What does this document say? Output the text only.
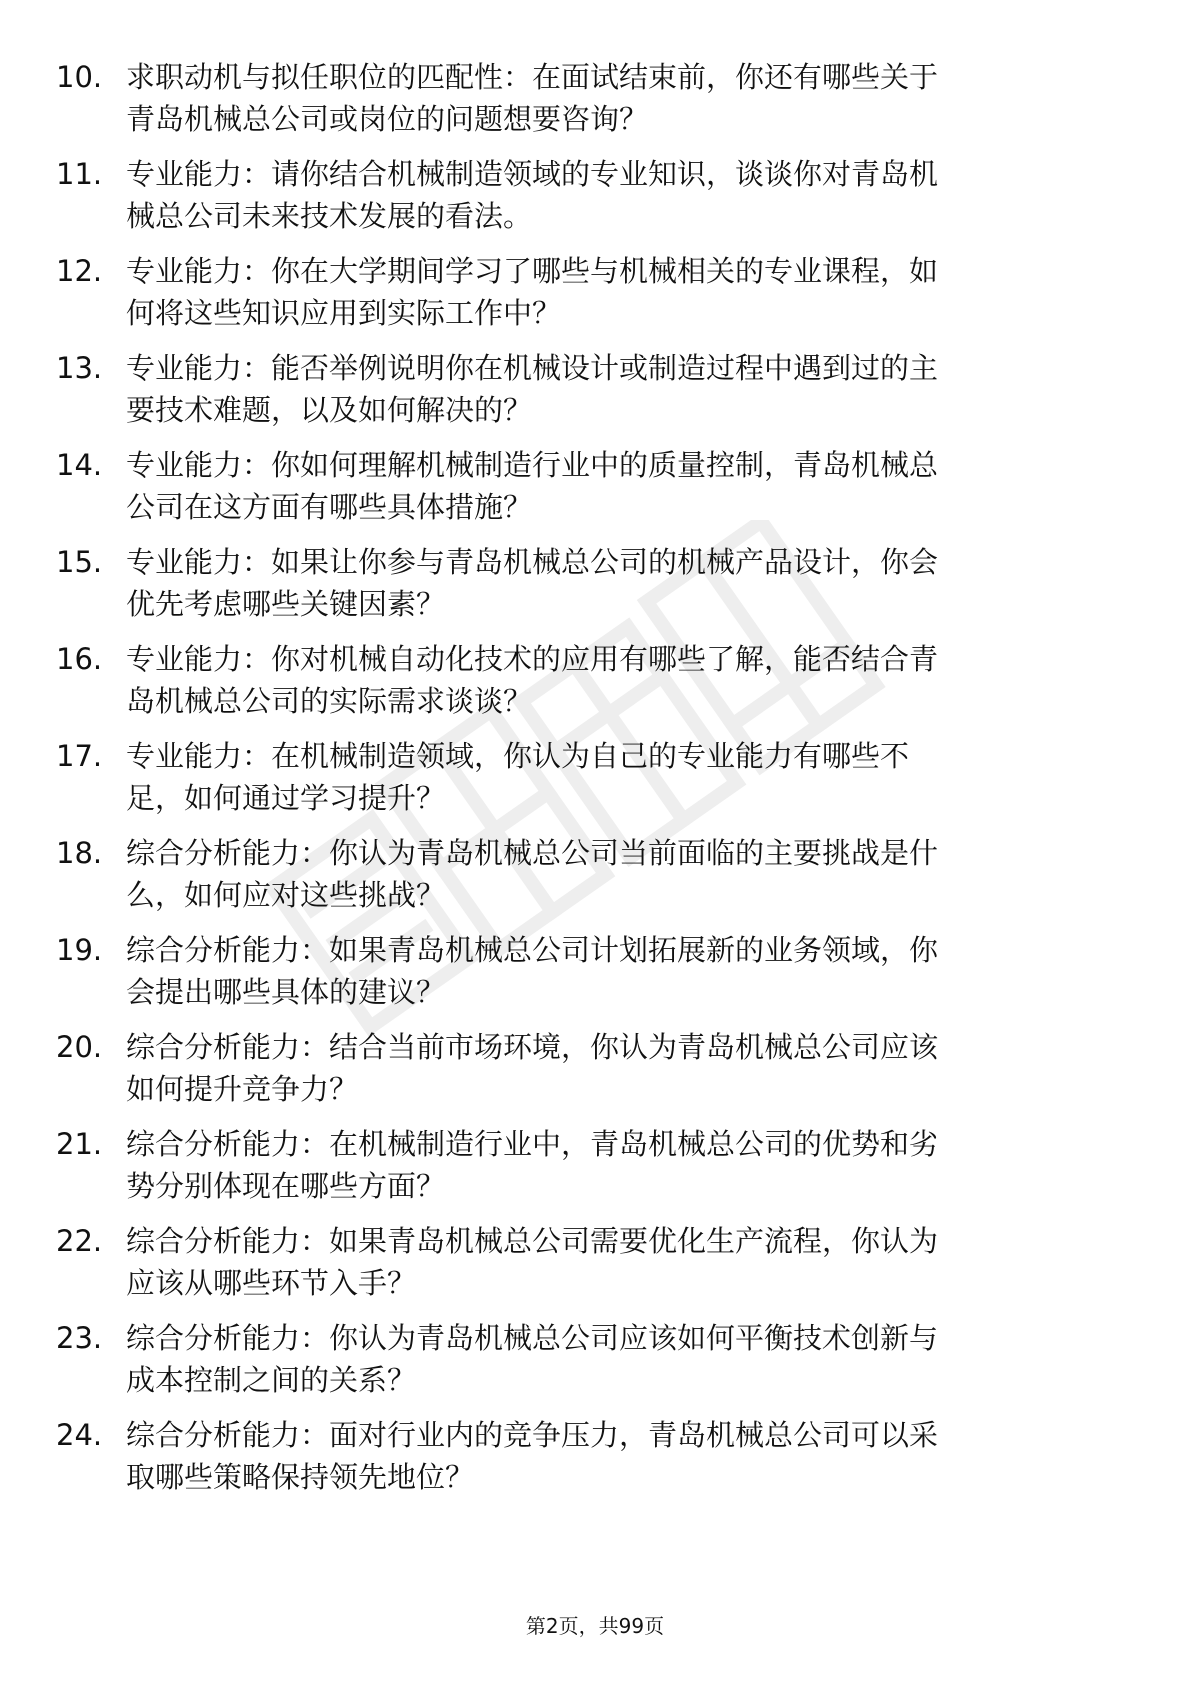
10. 求职动机与拟任职位的匹配性：在面试结束前，你还有哪些关于
青岛机械总公司或岗位的问题想要咨询？
11. 专业能力：请你结合机械制造领域的专业知识，谈谈你对青岛机
械总公司未来技术发展的看法。
12. 专业能力：你在大学期间学习了哪些与机械相关的专业课程，如
何将这些知识应用到实际工作中？
13. 专业能力：能否举例说明你在机械设计或制造过程中遇到过的主
要技术难题，以及如何解决的？
14. 专业能力：你如何理解机械制造行业中的质量控制，青岛机械总
公司在这方面有哪些具体措施？
15. 专业能力：如果让你参与青岛机械总公司的机械产品设计，你会
优先考虑哪些关键因素？
16. 专业能力：你对机械自动化技术的应用有哪些了解，能否结合青
岛机械总公司的实际需求谈谈？
17. 专业能力：在机械制造领域，你认为自己的专业能力有哪些不
足，如何通过学习提升？
18. 综合分析能力：你认为青岛机械总公司当前面临的主要挑战是什
么，如何应对这些挑战？
19. 综合分析能力：如果青岛机械总公司计划拓展新的业务领域，你
会提出哪些具体的建议？
20. 综合分析能力：结合当前市场环境，你认为青岛机械总公司应该
如何提升竞争力？
21. 综合分析能力：在机械制造行业中，青岛机械总公司的优势和劣
势分别体现在哪些方面？
22. 综合分析能力：如果青岛机械总公司需要优化生产流程，你认为
应该从哪些环节入手？
23. 综合分析能力：你认为青岛机械总公司应该如何平衡技术创新与
成本控制之间的关系？
24. 综合分析能力：面对行业内的竞争压力，青岛机械总公司可以采
取哪些策略保持领先地位？
第2页，共99页
